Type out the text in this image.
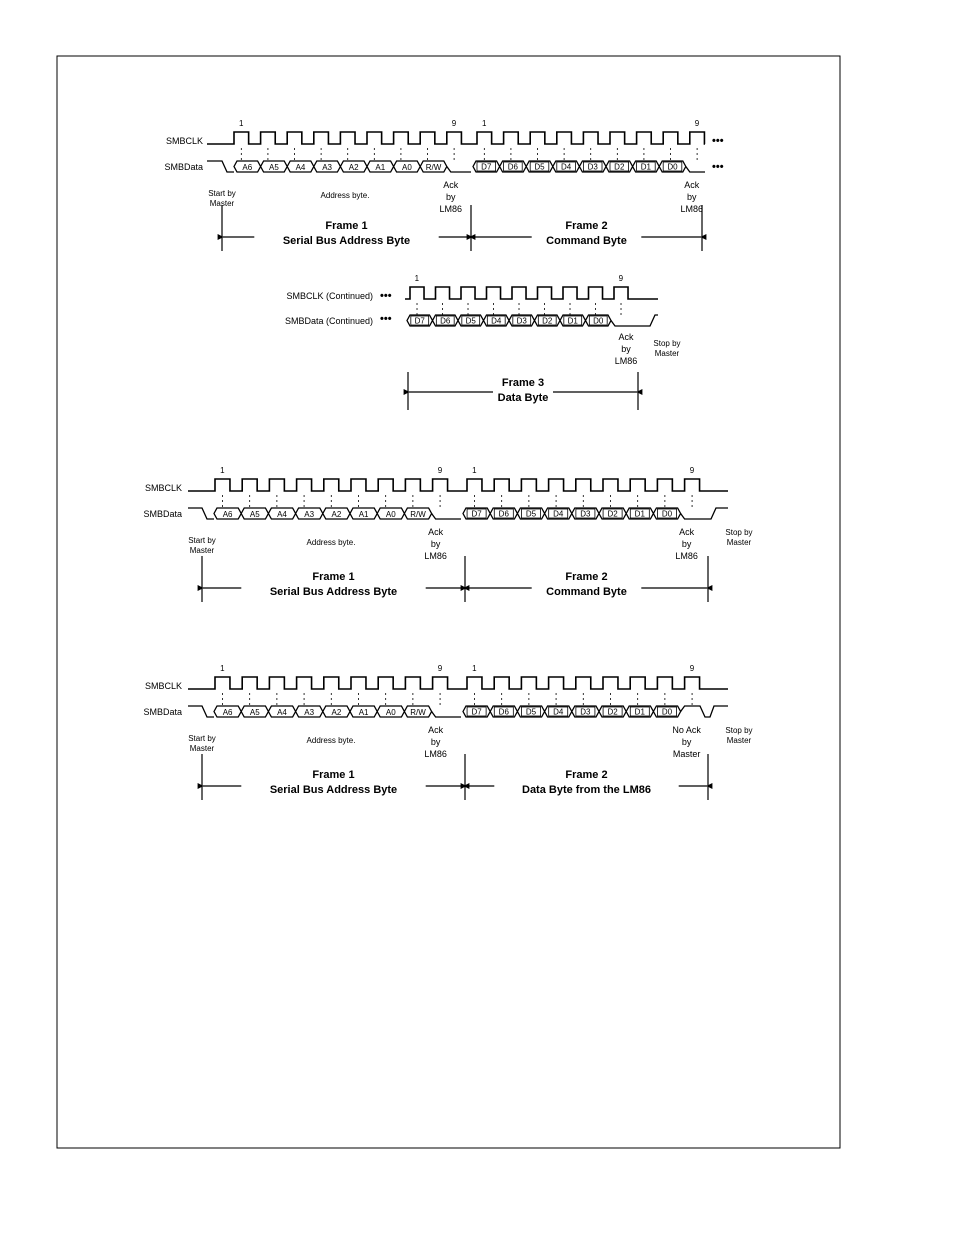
SMBCLK
SMBData
1	9	1	9
A6 A5 A4 A3 A2 A1 A0 R/W	D7 D6 D5 D4 D3 D2 D1 D0
•••
•••
Start by
Master
Address byte.
Ack
by
LM86
Ack
by
LM86
Frame 1
Serial Bus Address Byte
Frame 2
Command Byte
SMBCLK (Continued)
SMBData (Continued)
•••
•••
1	9
D7 D6 D5 D4 D3 D2 D1 D0
Ack
by
LM86
Stop by
Master
Frame 3
Data Byte
SMBCLK
SMBData
1	9	1	9
A6 A5 A4 A3 A2 A1 A0 R/W	D7 D6 D5 D4 D3 D2 D1 D0
Start by
Master
Address byte.
Ack
by
LM86
Ack
by
LM86
Stop by
Master
Frame 1
Serial Bus Address Byte
Frame 2
Command Byte
SMBCLK
SMBData
1	9	1	9
A6 A5 A4 A3 A2 A1 A0 R/W	D7 D6 D5 D4 D3 D2 D1 D0
Start by
Master
Address byte.
Ack
by
LM86
No Ack
by
Master
Stop by
Master
Frame 1
Serial Bus Address Byte
Frame 2
Data Byte from the LM86
